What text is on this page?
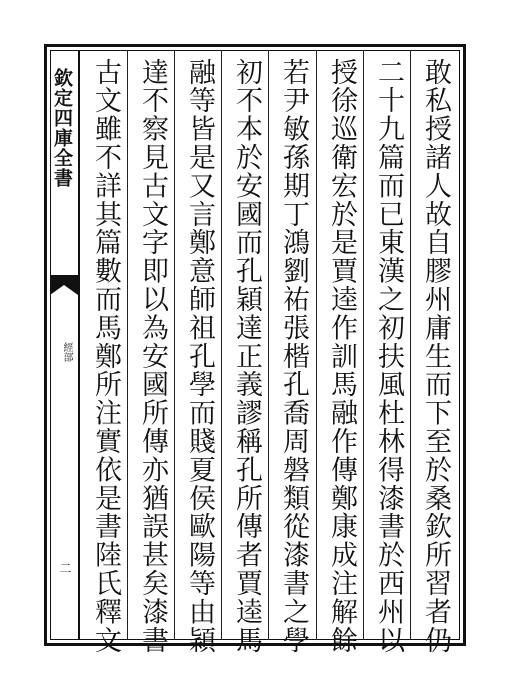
欽定四庫全書
經部
二	敢私授諸人故自膠州庸生而下至於桑欽所習者仍
二十九篇而已東漢之初扶風杜林得漆書於西州以
授徐巡衛宏於是賈逵作訓馬融作傳鄭康成注解餘
若尹敏孫期丁鴻劉祐張楷孔喬周磐類從漆書之學
初不本於安國而孔穎達正義謬稱孔所傳者賈逵馬
融等皆是又言鄭意師祖孔學而賤夏侯歐陽等由穎
達不察見古文字即以為安國所傳亦猶誤甚矣漆書
古文雖不詳其篇數而馬鄭所注實依是書陸氏釋文
